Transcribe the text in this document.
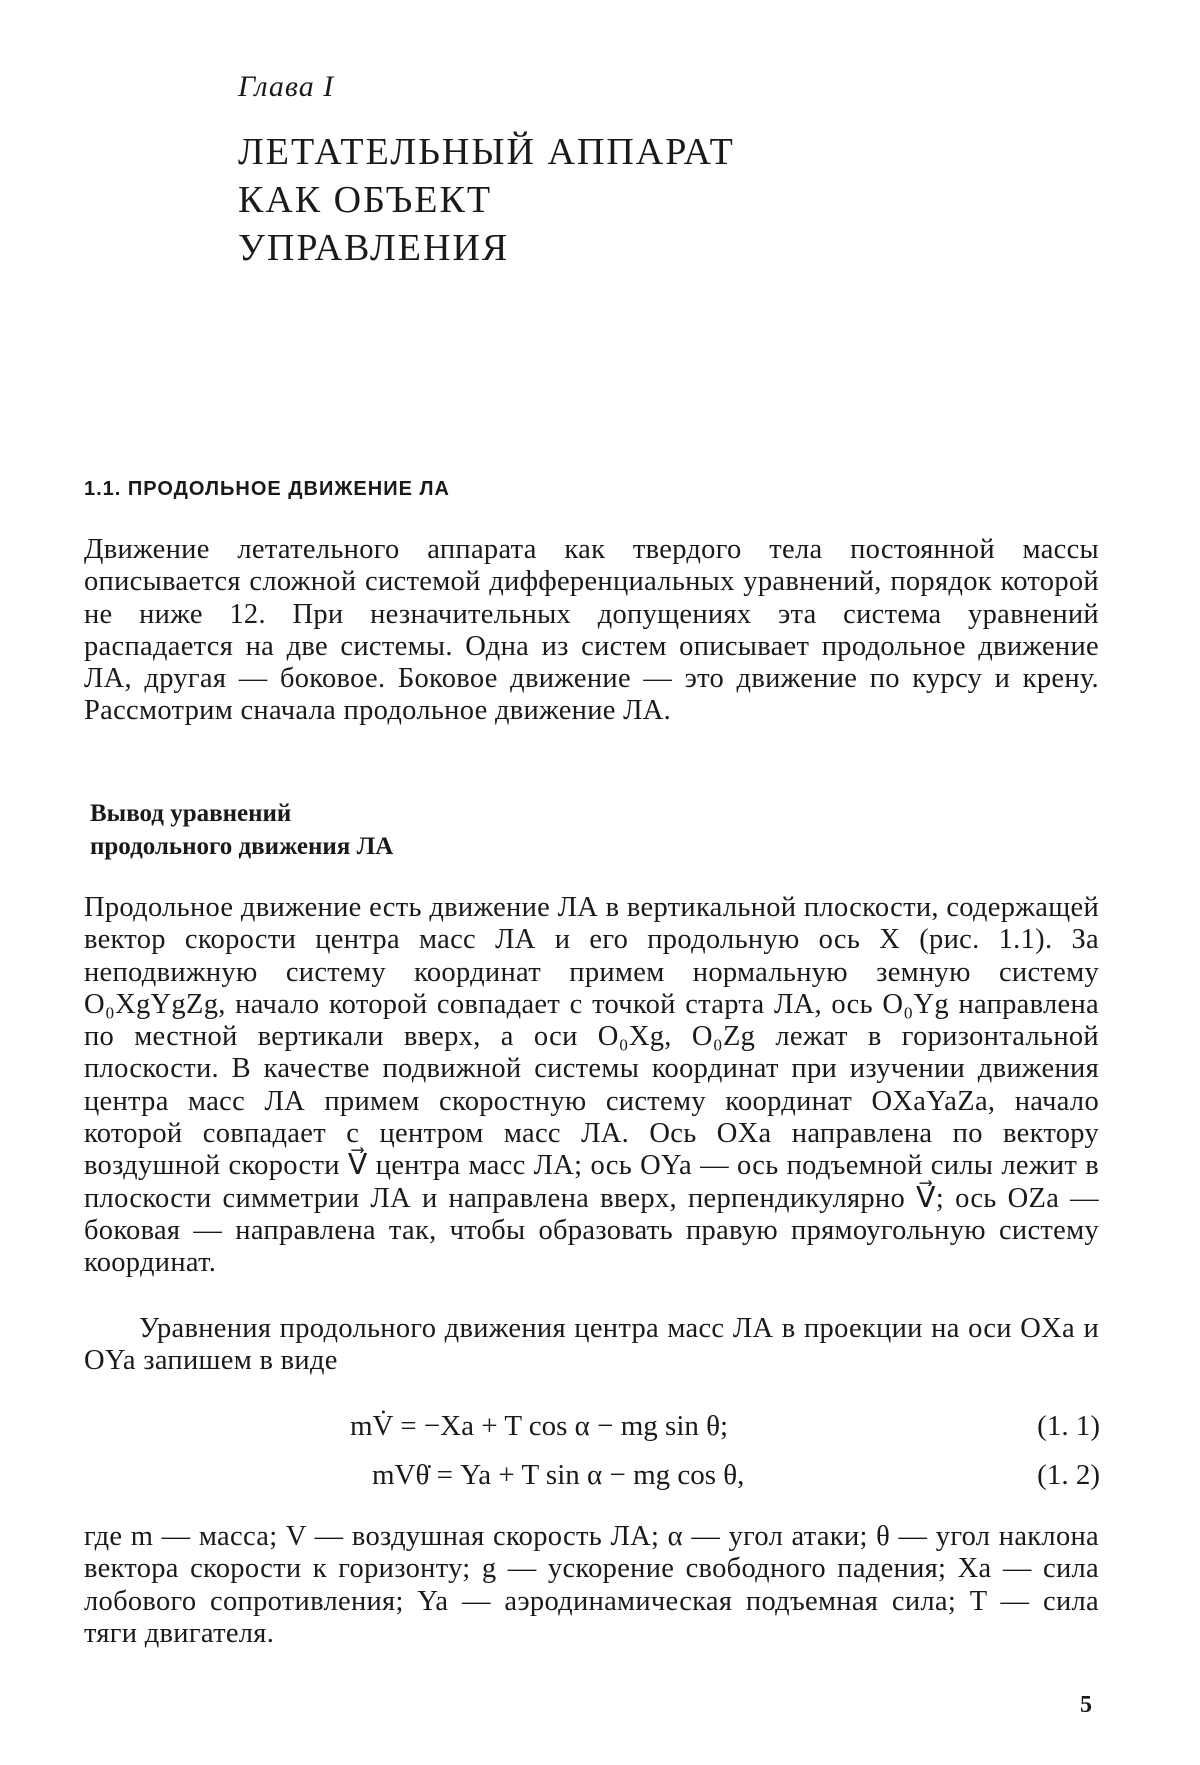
Глава I
ЛЕТАТЕЛЬНЫЙ АППАРАТ
КАК ОБЪЕКТ
УПРАВЛЕНИЯ
1.1. ПРОДОЛЬНОЕ ДВИЖЕНИЕ ЛА

Движение летательного аппарата как твердого тела постоянной массы описывается сложной системой дифференциальных уравнений, порядок которой не ниже 12. При незначительных допущениях эта система уравнений распадается на две системы. Одна из систем описывает продольное движение ЛА, другая — боковое. Боковое движение — это движение по курсу и крену. Рассмотрим сначала продольное движение ЛА.

Вывод уравнений
продольного движения ЛА

Продольное движение есть движение ЛА в вертикальной плоскости, содержащей вектор скорости центра масс ЛА и его продольную ось X (рис. 1.1). За неподвижную систему координат примем нормальную земную систему O₀XgYgZg, начало которой совпадает с точкой старта ЛА, ось O₀Yg направлена по местной вертикали вверх, а оси O₀Xg, O₀Zg лежат в горизонтальной плоскости. В качестве подвижной системы координат при изучении движения центра масс ЛА примем скоростную систему координат OXaYaZa, начало которой совпадает с центром масс ЛА. Ось OXa направлена по вектору воздушной скорости V⃗ центра масс ЛА; ось OYa — ось подъемной силы лежит в плоскости симметрии ЛА и направлена вверх, перпендикулярно V⃗; ось OZa — боковая — направлена так, чтобы образовать правую прямоугольную систему координат.

Уравнения продольного движения центра масс ЛА в проекции на оси OXa и OYa запишем в виде

mV̇ = −Xa + T cos α − mg sin θ;	(1. 1)
mVθ̇ = Ya + T sin α − mg cos θ,	(1. 2)

где m — масса; V — воздушная скорость ЛА; α — угол атаки; θ — угол наклона вектора скорости к горизонту; g — ускорение свободного падения; Xa — сила лобового сопротивления; Ya — аэродинамическая подъемная сила; T — сила тяги двигателя.

5
